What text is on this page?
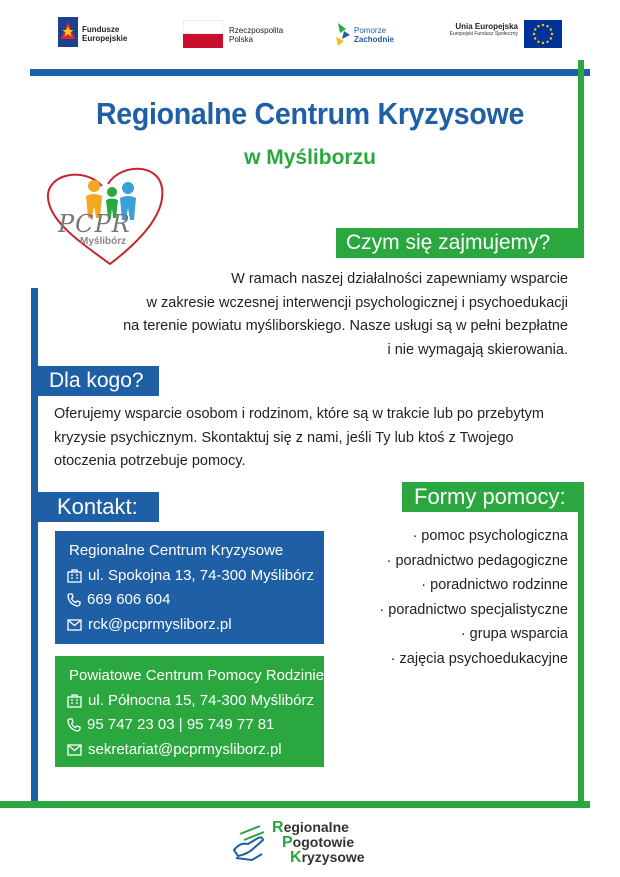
Fundusze
Europejskie
Rzeczpospolita
Polska
Pomorze
Zachodnie
Unia Europejska
Europejski Fundusz Społeczny
Regionalne Centrum Kryzysowe
w Myśliborzu
PCPR
Myślibórz	Czym się zajmujemy?
W ramach naszej działalności zapewniamy wsparcie
w zakresie wczesnej interwencji psychologicznej i psychoedukacji
na terenie powiatu myśliborskiego. Nasze usługi są w pełni bezpłatne
i nie wymagają skierowania.
Dla kogo?
Oferujemy wsparcie osobom i rodzinom, które są w trakcie lub po przebytym
kryzysie psychicznym. Skontaktuj się z nami, jeśli Ty lub ktoś z Twojego
otoczenia potrzebuje pomocy.
Kontakt:
Regionalne Centrum Kryzysowe
ul. Spokojna 13, 74-300 Myślibórz
669 606 604
rck@pcprmysliborz.pl
Powiatowe Centrum Pomocy Rodzinie
ul. Północna 15, 74-300 Myślibórz
95 747 23 03 | 95 749 77 81
sekretariat@pcprmysliborz.pl
Formy pomocy:
· pomoc psychologiczna
· poradnictwo pedagogiczne
· poradnictwo rodzinne
· poradnictwo specjalistyczne
· grupa wsparcia
· zajęcia psychoedukacyjne
Regionalne
Pogotowie
Kryzysowe
